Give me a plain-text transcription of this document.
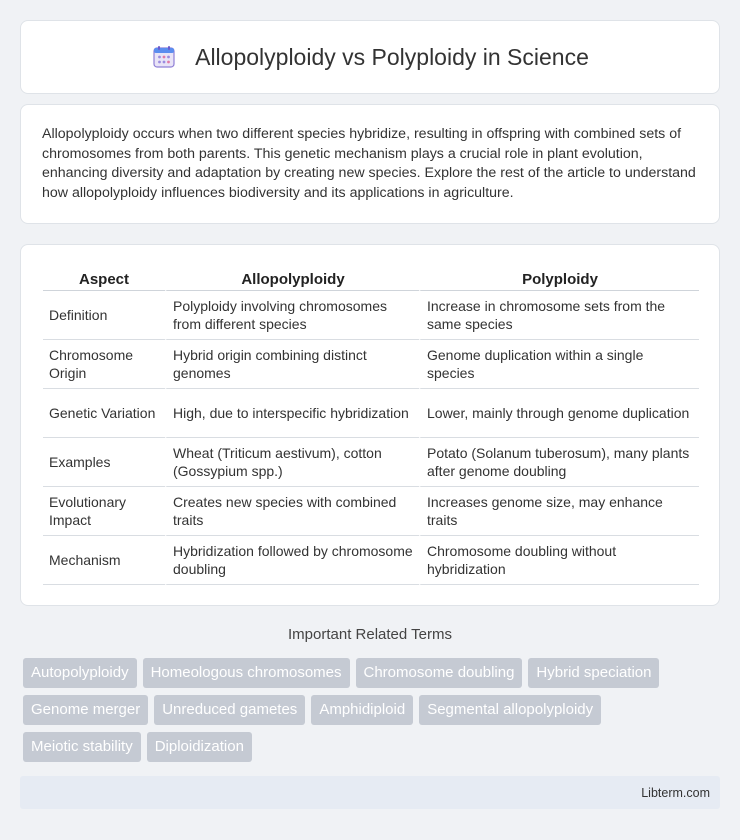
Allopolyploidy vs Polyploidy in Science

Allopolyploidy occurs when two different species hybridize, resulting in offspring with combined sets of chromosomes from both parents. This genetic mechanism plays a crucial role in plant evolution, enhancing diversity and adaptation by creating new species. Explore the rest of the article to understand how allopolyploidy influences biodiversity and its applications in agriculture.

Aspect	Allopolyploidy	Polyploidy
Definition	Polyploidy involving chromosomes from different species	Increase in chromosome sets from the same species
Chromosome Origin	Hybrid origin combining distinct genomes	Genome duplication within a single species
Genetic Variation	High, due to interspecific hybridization	Lower, mainly through genome duplication
Examples	Wheat (Triticum aestivum), cotton (Gossypium spp.)	Potato (Solanum tuberosum), many plants after genome doubling
Evolutionary Impact	Creates new species with combined traits	Increases genome size, may enhance traits
Mechanism	Hybridization followed by chromosome doubling	Chromosome doubling without hybridization
Important Related Terms
Autopolyploidy	Homeologous chromosomes	Chromosome doubling	Hybrid speciation
Genome merger	Unreduced gametes	Amphidiploid	Segmental allopolyploidy
Meiotic stability	Diploidization
Libterm.com
